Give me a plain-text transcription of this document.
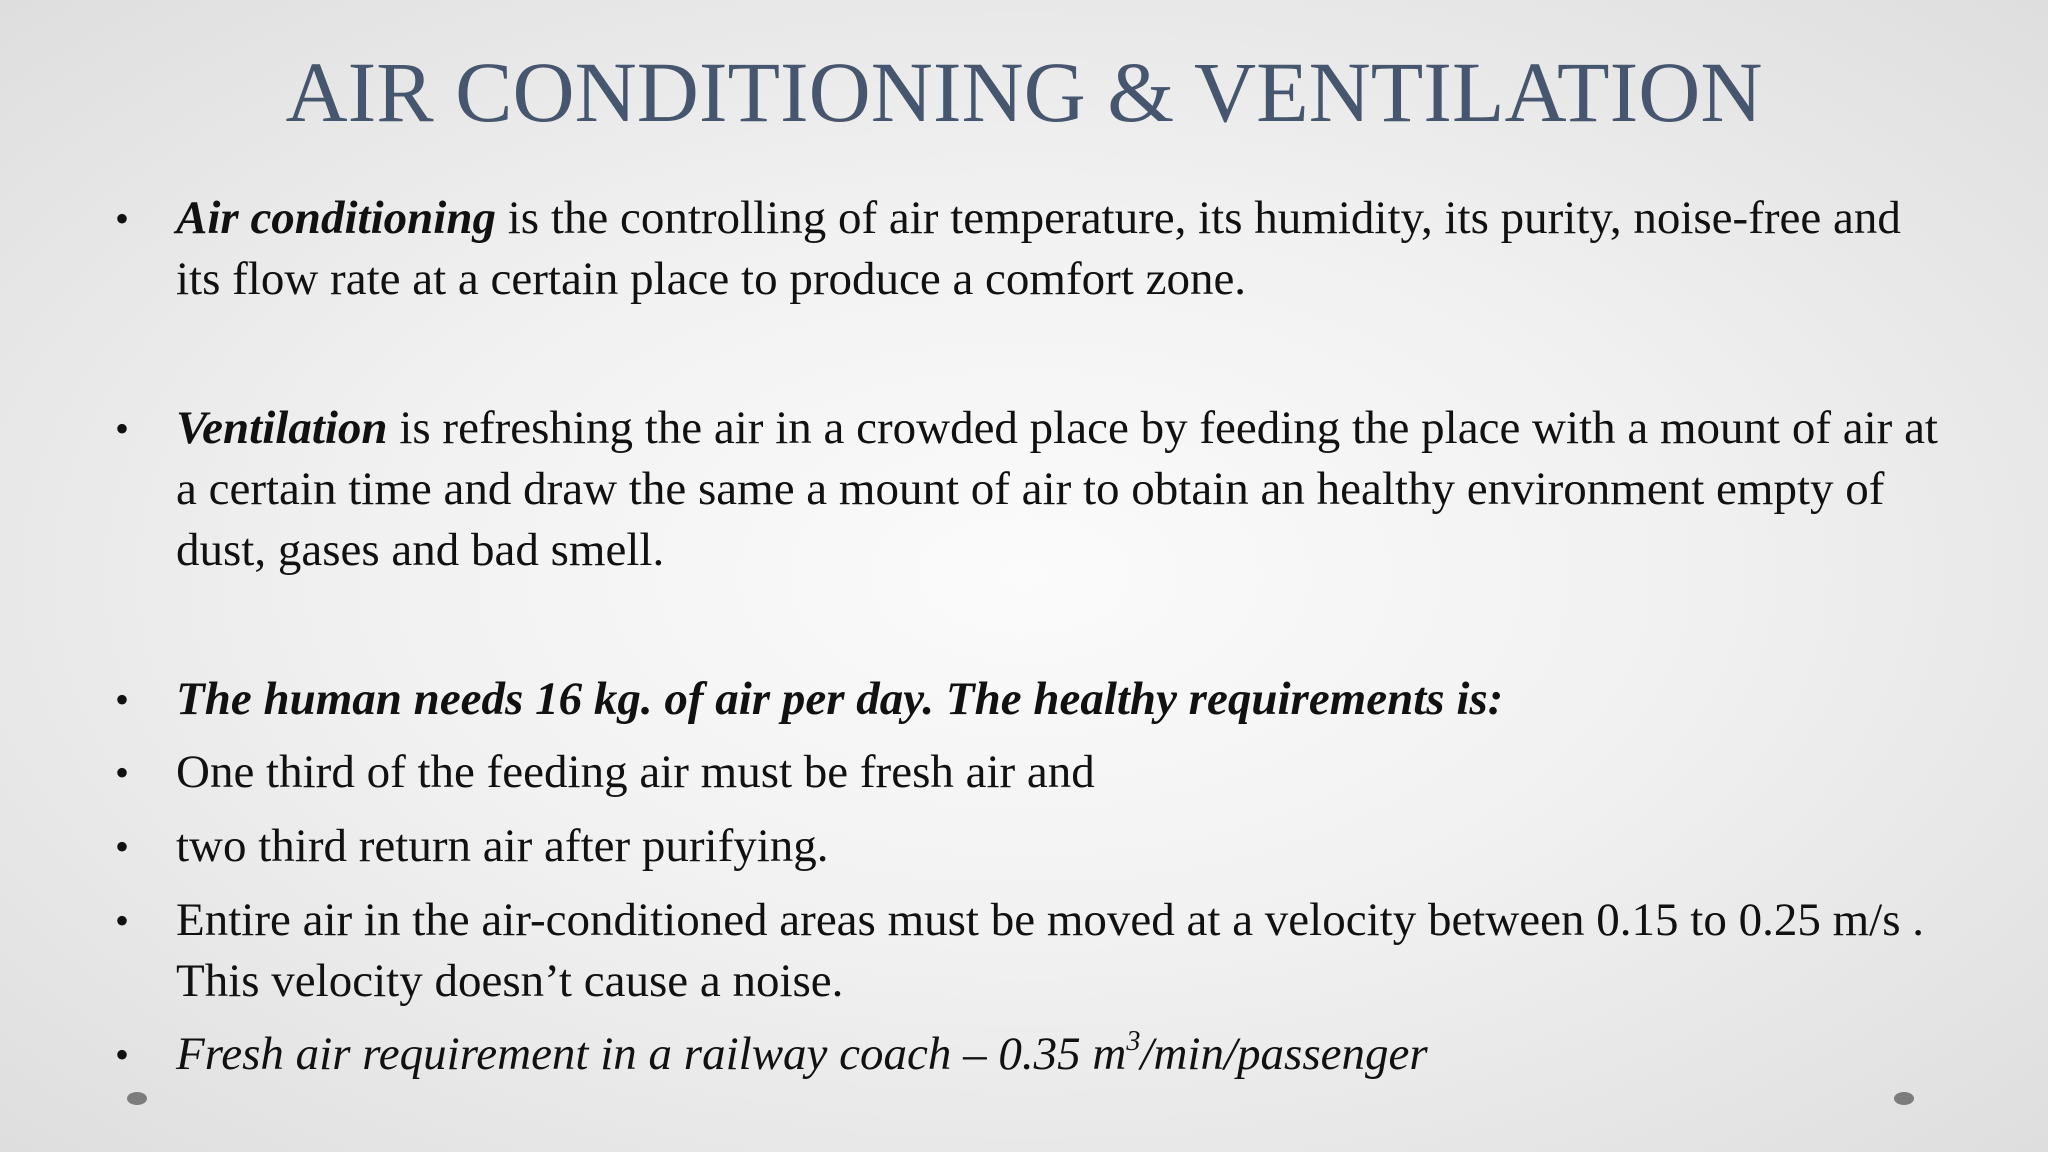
AIR CONDITIONING & VENTILATION
• Air conditioning is the controlling of air temperature, its humidity, its purity, noise-free and its flow rate at a certain place to produce a comfort zone.
• Ventilation is refreshing the air in a crowded place by feeding the place with a mount of air at a certain time and draw the same a mount of air to obtain an healthy environment empty of dust, gases and bad smell.
• The human needs 16 kg. of air per day. The healthy requirements is:
• One third of the feeding air must be fresh air and
• two third return air after purifying.
• Entire air in the air-conditioned areas must be moved at a velocity between 0.15 to 0.25 m/s . This velocity doesn’t cause a noise.
• Fresh air requirement in a railway coach – 0.35 $m^3/\min$/passenger
